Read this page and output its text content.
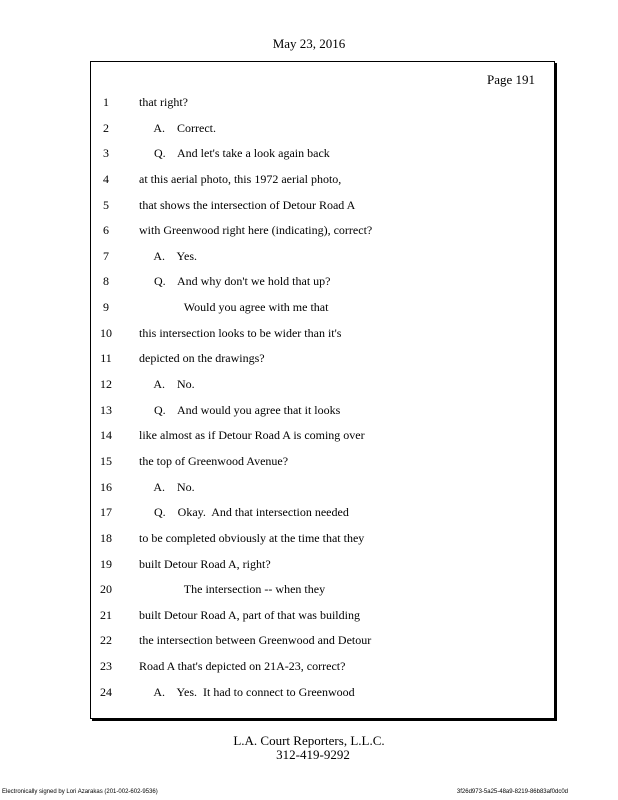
May 23, 2016
Page 191
1	that right?
2	A.    Correct.
3	Q.    And let's take a look again back
4	at this aerial photo, this 1972 aerial photo,
5	that shows the intersection of Detour Road A
6	with Greenwood right here (indicating), correct?
7	A.    Yes.
8	Q.    And why don't we hold that up?
9	Would you agree with me that
10	this intersection looks to be wider than it's
11	depicted on the drawings?
12	A.    No.
13	Q.    And would you agree that it looks
14	like almost as if Detour Road A is coming over
15	the top of Greenwood Avenue?
16	A.    No.
17	Q.    Okay.  And that intersection needed
18	to be completed obviously at the time that they
19	built Detour Road A, right?
20	The intersection -- when they
21	built Detour Road A, part of that was building
22	the intersection between Greenwood and Detour
23	Road A that's depicted on 21A-23, correct?
24	A.    Yes.  It had to connect to Greenwood
L.A. Court Reporters, L.L.C.
312-419-9292
Electronically signed by Lori Azarakas (201-002-602-9536)	3f26d973-5a25-48a9-8219-86b83af0dc0d
